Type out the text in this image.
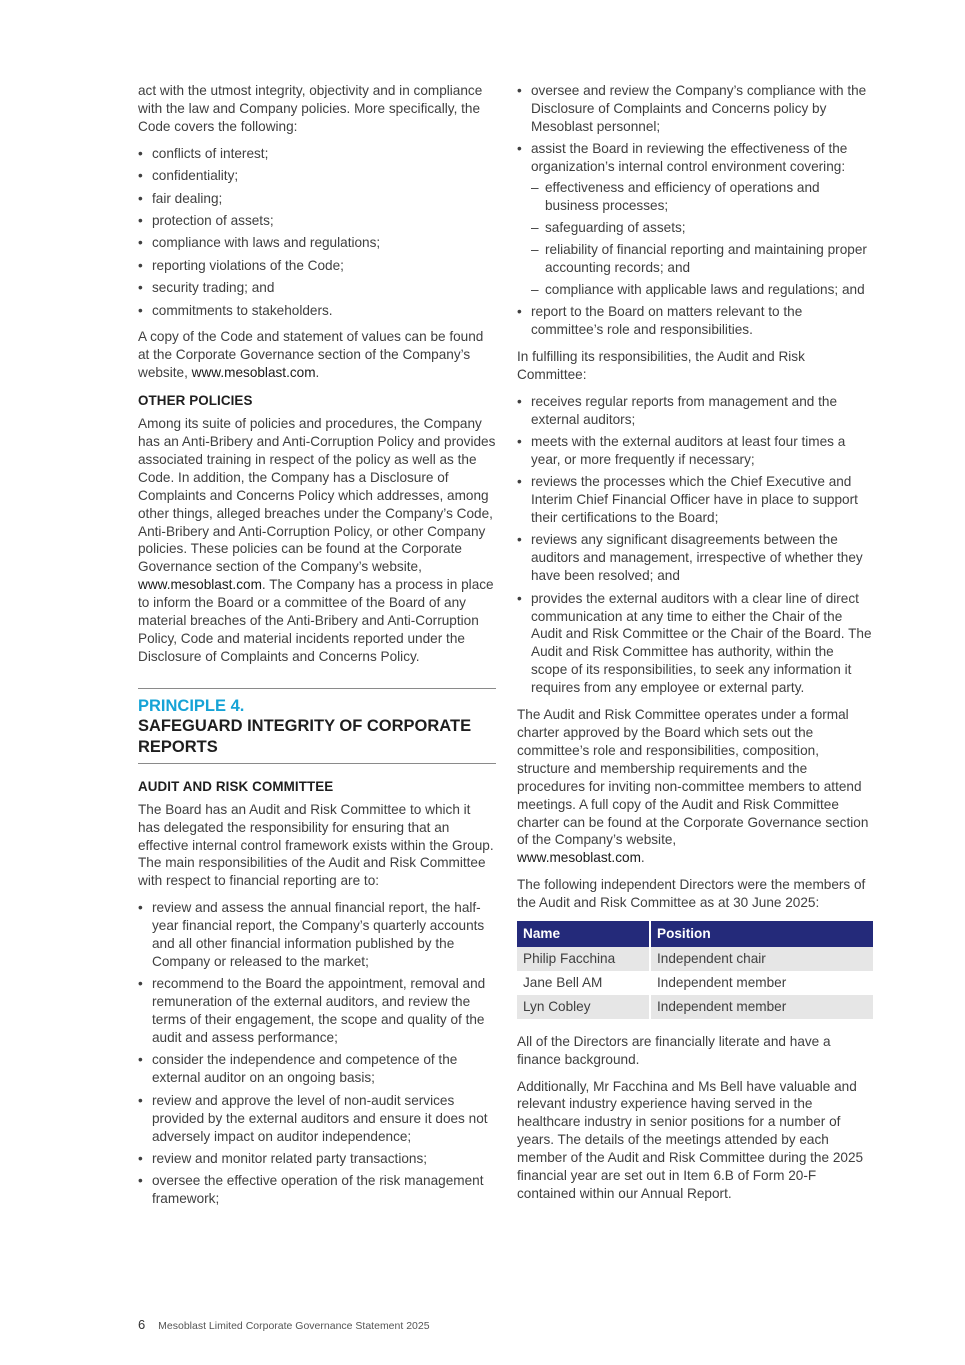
act with the utmost integrity, objectivity and in compliance with the law and Company policies. More specifically, the Code covers the following:

• conflicts of interest;
• confidentiality;
• fair dealing;
• protection of assets;
• compliance with laws and regulations;
• reporting violations of the Code;
• security trading; and
• commitments to stakeholders.

A copy of the Code and statement of values can be found at the Corporate Governance section of the Company’s website, www.mesoblast.com.

OTHER POLICIES

Among its suite of policies and procedures, the Company has an Anti-Bribery and Anti-Corruption Policy and provides associated training in respect of the policy as well as the Code. In addition, the Company has a Disclosure of Complaints and Concerns Policy which addresses, among other things, alleged breaches under the Company’s Code, Anti-Bribery and Anti-Corruption Policy, or other Company policies. These policies can be found at the Corporate Governance section of the Company’s website,
www.mesoblast.com. The Company has a process in place to inform the Board or a committee of the Board of any material breaches of the Anti-Bribery and Anti-Corruption Policy, Code and material incidents reported under the Disclosure of Complaints and Concerns Policy.

PRINCIPLE 4.
SAFEGUARD INTEGRITY OF CORPORATE REPORTS
AUDIT AND RISK COMMITTEE

The Board has an Audit and Risk Committee to which it has delegated the responsibility for ensuring that an effective internal control framework exists within the Group. The main responsibilities of the Audit and Risk Committee with respect to financial reporting are to:

• review and assess the annual financial report, the half-year financial report, the Company’s quarterly accounts and all other financial information published by the Company or released to the market;
• recommend to the Board the appointment, removal and remuneration of the external auditors, and review the terms of their engagement, the scope and quality of the audit and assess performance;
• consider the independence and competence of the external auditor on an ongoing basis;
• review and approve the level of non-audit services provided by the external auditors and ensure it does not adversely impact on auditor independence;
• review and monitor related party transactions;
• oversee the effective operation of the risk management framework;
• oversee and review the Company’s compliance with the Disclosure of Complaints and Concerns policy by Mesoblast personnel;
• assist the Board in reviewing the effectiveness of the organization’s internal control environment covering:
– effectiveness and efficiency of operations and business processes;
– safeguarding of assets;
– reliability of financial reporting and maintaining proper accounting records; and
– compliance with applicable laws and regulations; and
• report to the Board on matters relevant to the committee’s role and responsibilities.

In fulfilling its responsibilities, the Audit and Risk Committee:

• receives regular reports from management and the external auditors;
• meets with the external auditors at least four times a year, or more frequently if necessary;
• reviews the processes which the Chief Executive and Interim Chief Financial Officer have in place to support their certifications to the Board;
• reviews any significant disagreements between the auditors and management, irrespective of whether they have been resolved; and
• provides the external auditors with a clear line of direct communication at any time to either the Chair of the Audit and Risk Committee or the Chair of the Board. The Audit and Risk Committee has authority, within the scope of its responsibilities, to seek any information it requires from any employee or external party.

The Audit and Risk Committee operates under a formal charter approved by the Board which sets out the committee’s role and responsibilities, composition, structure and membership requirements and the procedures for inviting non-committee members to attend meetings. A full copy of the Audit and Risk Committee charter can be found at the Corporate Governance section of the Company’s website,
www.mesoblast.com.

The following independent Directors were the members of the Audit and Risk Committee as at 30 June 2025:

Name	Position
Philip Facchina	Independent chair
Jane Bell AM	Independent member
Lyn Cobley	Independent member

All of the Directors are financially literate and have a finance background.

Additionally, Mr Facchina and Ms Bell have valuable and relevant industry experience having served in the healthcare industry in senior positions for a number of years. The details of the meetings attended by each member of the Audit and Risk Committee during the 2025 financial year are set out in Item 6.B of Form 20-F contained within our Annual Report.

6 Mesoblast Limited Corporate Governance Statement 2025
